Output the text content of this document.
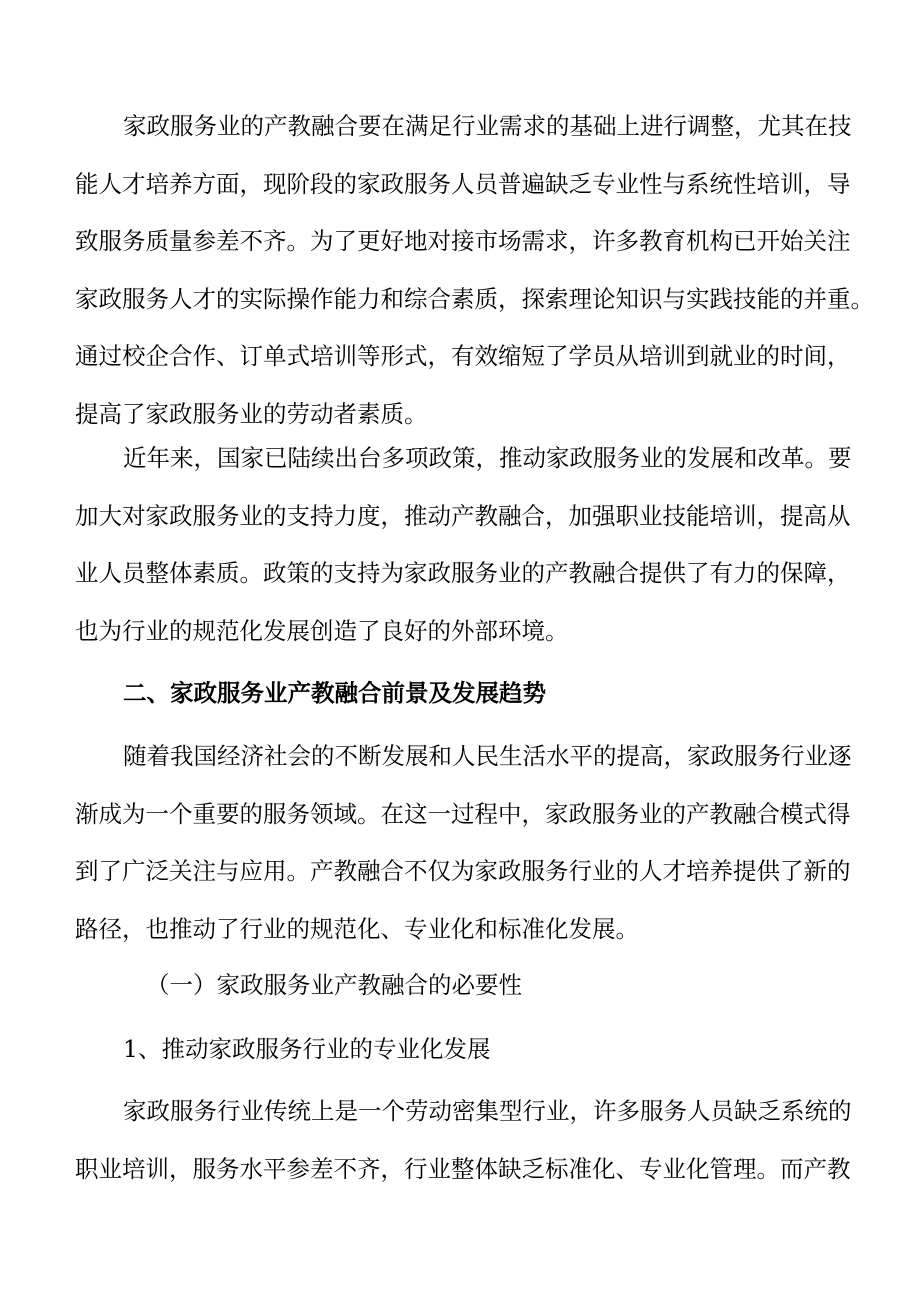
家政服务业的产教融合要在满足行业需求的基础上进行调整，尤其在技
能人才培养方面，现阶段的家政服务人员普遍缺乏专业性与系统性培训，导
致服务质量参差不齐。为了更好地对接市场需求，许多教育机构已开始关注
家政服务人才的实际操作能力和综合素质，探索理论知识与实践技能的并重。
通过校企合作、订单式培训等形式，有效缩短了学员从培训到就业的时间，
提高了家政服务业的劳动者素质。

近年来，国家已陆续出台多项政策，推动家政服务业的发展和改革。要
加大对家政服务业的支持力度，推动产教融合，加强职业技能培训，提高从
业人员整体素质。政策的支持为家政服务业的产教融合提供了有力的保障，
也为行业的规范化发展创造了良好的外部环境。

二、家政服务业产教融合前景及发展趋势

随着我国经济社会的不断发展和人民生活水平的提高，家政服务行业逐
渐成为一个重要的服务领域。在这一过程中，家政服务业的产教融合模式得
到了广泛关注与应用。产教融合不仅为家政服务行业的人才培养提供了新的
路径，也推动了行业的规范化、专业化和标准化发展。

（一）家政服务业产教融合的必要性
1、推动家政服务行业的专业化发展

家政服务行业传统上是一个劳动密集型行业，许多服务人员缺乏系统的
职业培训，服务水平参差不齐，行业整体缺乏标准化、专业化管理。而产教
